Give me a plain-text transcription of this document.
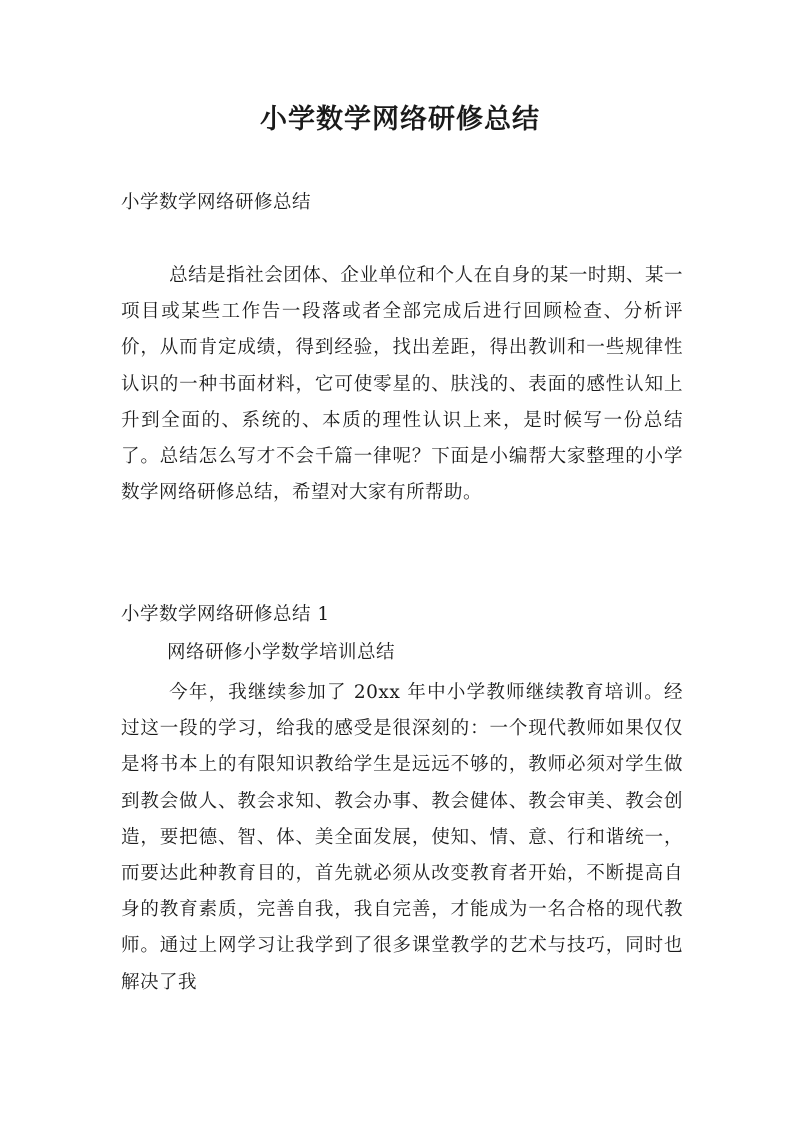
小学数学网络研修总结

小学数学网络研修总结

总结是指社会团体、企业单位和个人在自身的某一时期、某一项目或某些工作告一段落或者全部完成后进行回顾检查、分析评价，从而肯定成绩，得到经验，找出差距，得出教训和一些规律性认识的一种书面材料，它可使零星的、肤浅的、表面的感性认知上升到全面的、系统的、本质的理性认识上来，是时候写一份总结了。总结怎么写才不会千篇一律呢？下面是小编帮大家整理的小学数学网络研修总结，希望对大家有所帮助。

小学数学网络研修总结 1

网络研修小学数学培训总结

今年，我继续参加了 20xx 年中小学教师继续教育培训。经过这一段的学习，给我的感受是很深刻的：一个现代教师如果仅仅是将书本上的有限知识教给学生是远远不够的，教师必须对学生做到教会做人、教会求知、教会办事、教会健体、教会审美、教会创造，要把德、智、体、美全面发展，使知、情、意、行和谐统一，而要达此种教育目的，首先就必须从改变教育者开始，不断提高自身的教育素质，完善自我，我自完善，才能成为一名合格的现代教师。通过上网学习让我学到了很多课堂教学的艺术与技巧，同时也解决了我
